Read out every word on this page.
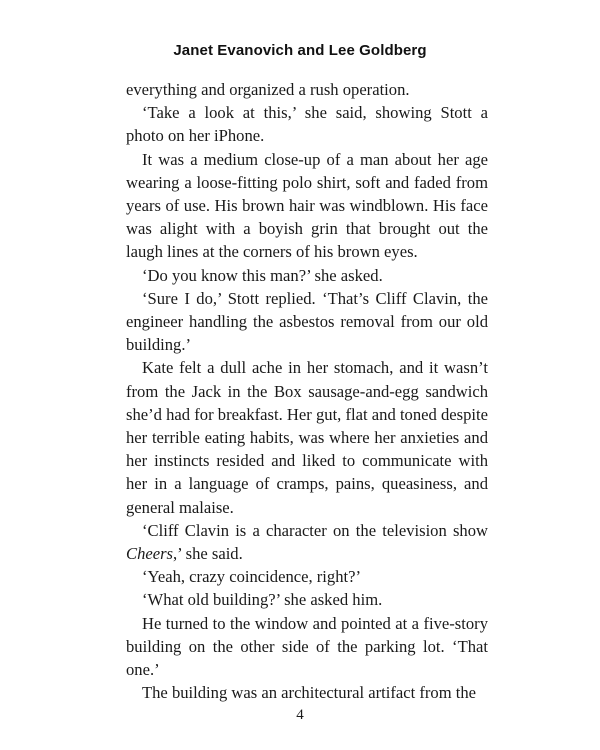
Janet Evanovich and Lee Goldberg

everything and organized a rush operation.

‘Take a look at this,’ she said, showing Stott a photo on her iPhone.

It was a medium close-up of a man about her age wearing a loose-fitting polo shirt, soft and faded from years of use. His brown hair was windblown. His face was alight with a boyish grin that brought out the laugh lines at the corners of his brown eyes.

‘Do you know this man?’ she asked.

‘Sure I do,’ Stott replied. ‘That’s Cliff Clavin, the engineer handling the asbestos removal from our old building.’

Kate felt a dull ache in her stomach, and it wasn’t from the Jack in the Box sausage-and-egg sandwich she’d had for breakfast. Her gut, flat and toned despite her terrible eating habits, was where her anxieties and her instincts resided and liked to communicate with her in a language of cramps, pains, queasiness, and general malaise.

‘Cliff Clavin is a character on the television show Cheers,’ she said.

‘Yeah, crazy coincidence, right?’

‘What old building?’ she asked him.

He turned to the window and pointed at a five-story building on the other side of the parking lot. ‘That one.’

The building was an architectural artifact from the

4
